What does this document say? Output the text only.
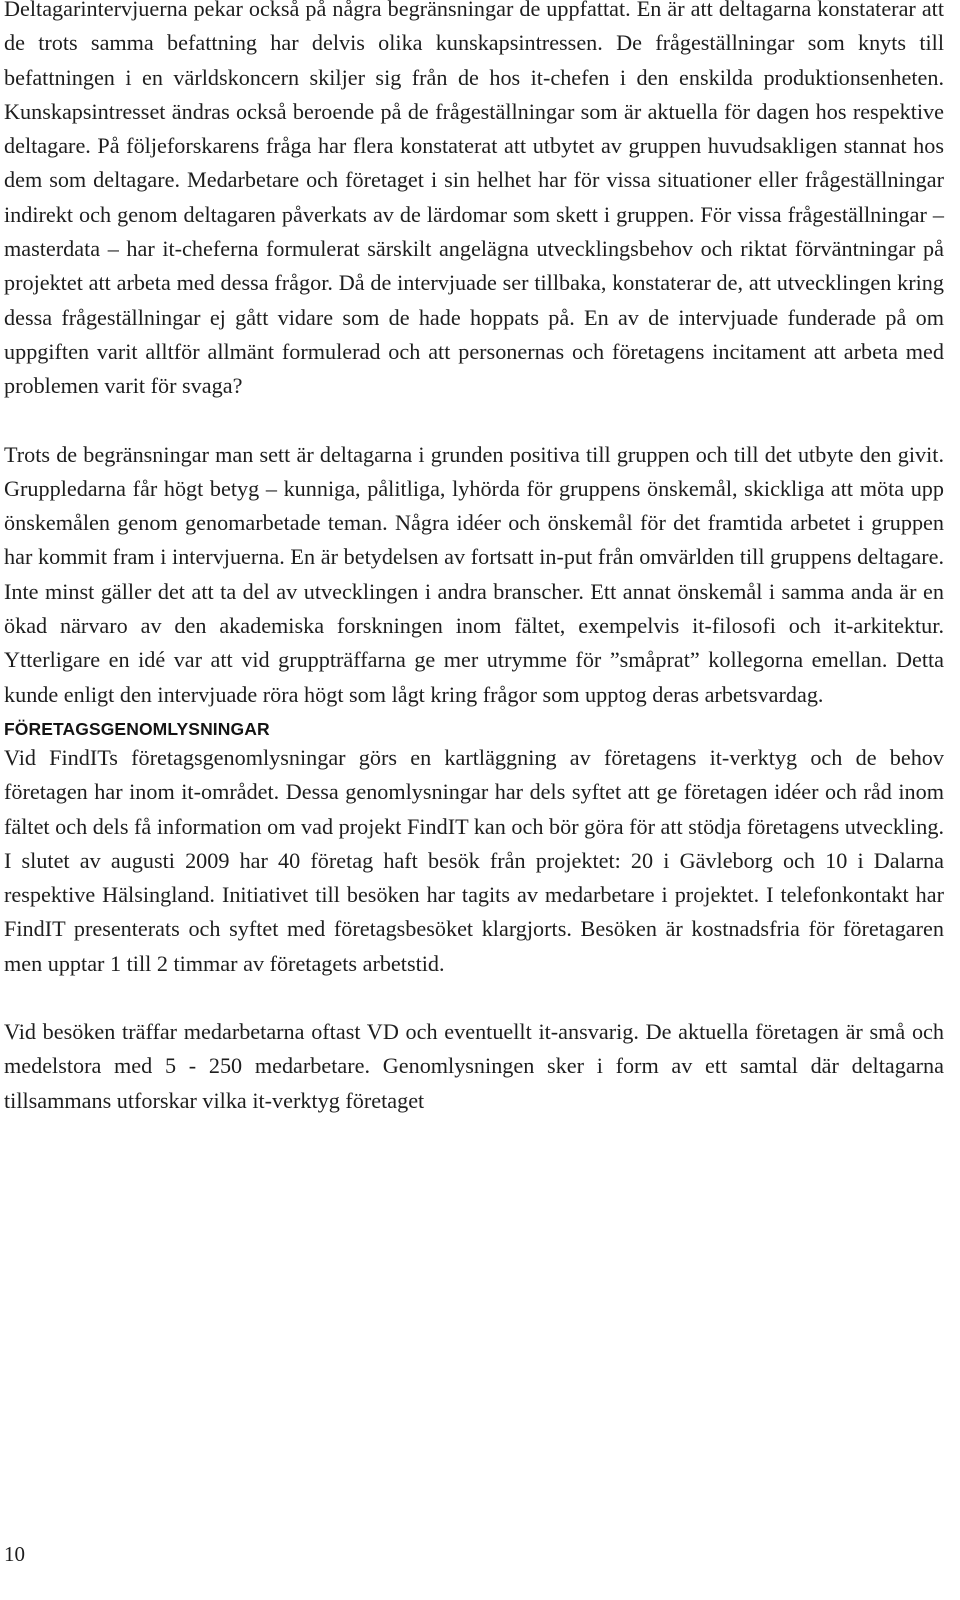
Deltagarintervjuerna pekar också på några begränsningar de uppfattat. En är att deltagarna konstaterar att de trots samma befattning har delvis olika kunskapsintressen. De frågeställningar som knyts till befattningen i en världskoncern skiljer sig från de hos it-chefen i den enskilda produktionsenheten. Kunskapsintresset ändras också beroende på de frågeställningar som är aktuella för dagen hos respektive deltagare. På följeforskarens fråga har flera konstaterat att utbytet av gruppen huvudsakligen stannat hos dem som deltagare. Medarbetare och företaget i sin helhet har för vissa situationer eller frågeställningar indirekt och genom deltagaren påverkats av de lärdomar som skett i gruppen. För vissa frågeställningar – masterdata – har it-cheferna formulerat särskilt angelägna utvecklingsbehov och riktat förväntningar på projektet att arbeta med dessa frågor. Då de intervjuade ser tillbaka, konstaterar de, att utvecklingen kring dessa frågeställningar ej gått vidare som de hade hoppats på. En av de intervjuade funderade på om uppgiften varit alltför allmänt formulerad och att personernas och företagens incitament att arbeta med problemen varit för svaga?

Trots de begränsningar man sett är deltagarna i grunden positiva till gruppen och till det utbyte den givit. Gruppledarna får högt betyg – kunniga, pålitliga, lyhörda för gruppens önskemål, skickliga att möta upp önskemålen genom genomarbetade teman. Några idéer och önskemål för det framtida arbetet i gruppen har kommit fram i intervjuerna. En är betydelsen av fortsatt in-put från omvärlden till gruppens deltagare. Inte minst gäller det att ta del av utvecklingen i andra branscher. Ett annat önskemål i samma anda är en ökad närvaro av den akademiska forskningen inom fältet, exempelvis it-filosofi och it-arkitektur. Ytterligare en idé var att vid gruppträffarna ge mer utrymme för ”småprat” kollegorna emellan. Detta kunde enligt den intervjuade röra högt som lågt kring frågor som upptog deras arbetsvardag.

FÖRETAGSGENOMLYSNINGAR

Vid FindITs företagsgenomlysningar görs en kartläggning av företagens it-verktyg och de behov företagen har inom it-området. Dessa genomlysningar har dels syftet att ge företagen idéer och råd inom fältet och dels få information om vad projekt FindIT kan och bör göra för att stödja företagens utveckling. I slutet av augusti 2009 har 40 företag haft besök från projektet: 20 i Gävleborg och 10 i Dalarna respektive Hälsingland. Initiativet till besöken har tagits av medarbetare i projektet. I telefonkontakt har FindIT presenterats och syftet med företagsbesöket klargjorts. Besöken är kostnadsfria för företagaren men upptar 1 till 2 timmar av företagets arbetstid.

Vid besöken träffar medarbetarna oftast VD och eventuellt it-ansvarig. De aktuella företagen är små och medelstora med 5 - 250 medarbetare. Genomlysningen sker i form av ett samtal där deltagarna tillsammans utforskar vilka it-verktyg företaget

10
